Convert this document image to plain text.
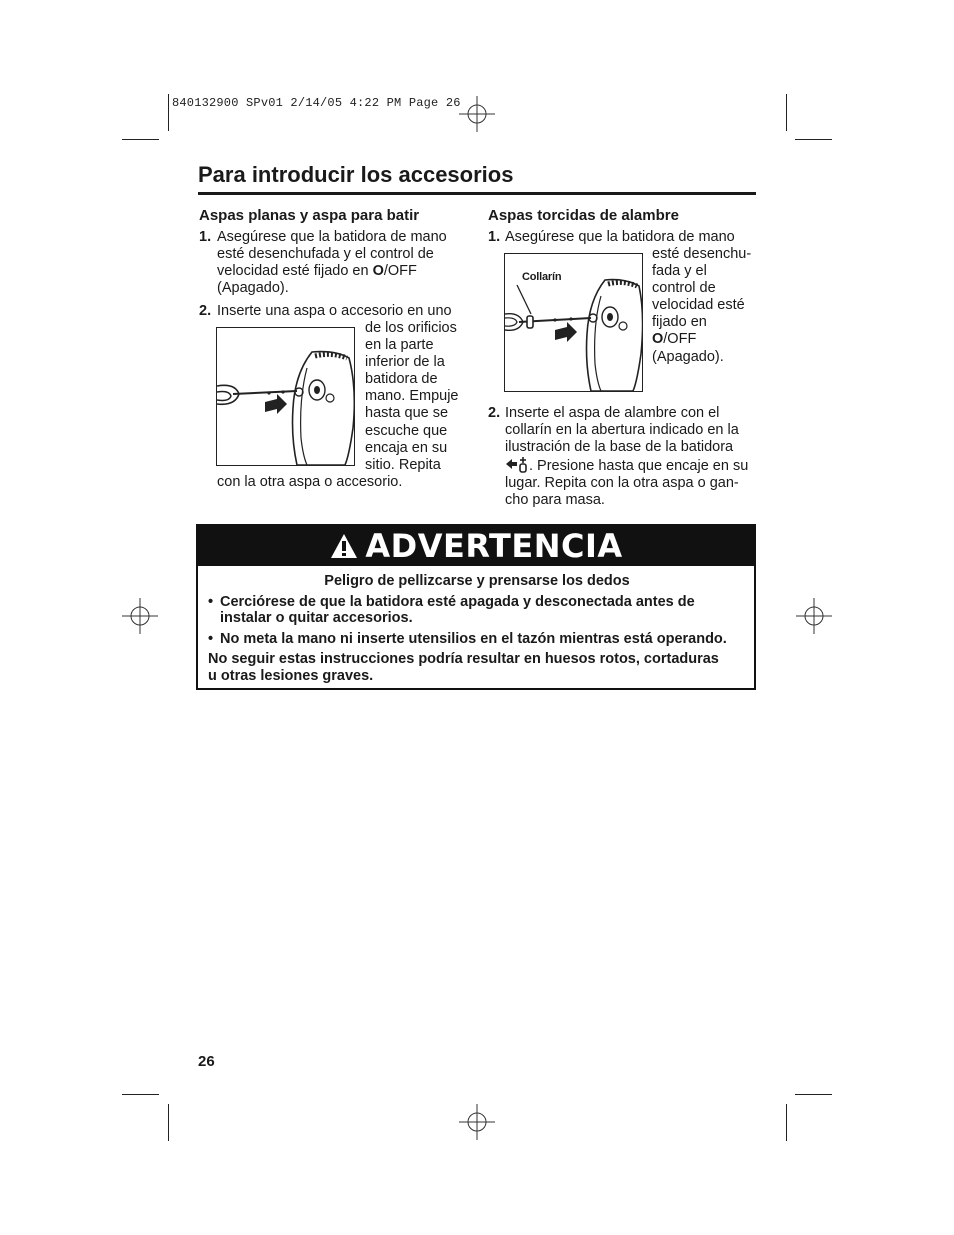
840132900 SPv01 2/14/05 4:22 PM Page 26
Para introducir los accesorios
Aspas planas y aspa para batir
1. Asegúrese que la batidora de mano
esté desenchufada y el control de
velocidad esté fijado en O/OFF
(Apagado).
2. Inserte una aspa o accesorio en uno
de los orificios
en la parte
inferior de la
batidora de
mano. Empuje
hasta que se
escuche que
encaja en su
sitio. Repita
con la otra aspa o accesorio.
Aspas torcidas de alambre
1. Asegúrese que la batidora de mano
esté desenchu-
fada y el
control de
velocidad esté
fijado en
O/OFF
(Apagado).
Collarín
2. Inserte el aspa de alambre con el
collarín en la abertura indicado en la
ilustración de la base de la batidora
. Presione hasta que encaje en su
lugar. Repita con la otra aspa o gan-
cho para masa.
ADVERTENCIA
Peligro de pellizcarse y prensarse los dedos
• Cerciórese de que la batidora esté apagada y desconectada antes de
instalar o quitar accesorios.
• No meta la mano ni inserte utensilios en el tazón mientras está operando.
No seguir estas instrucciones podría resultar en huesos rotos, cortaduras
u otras lesiones graves.
26
